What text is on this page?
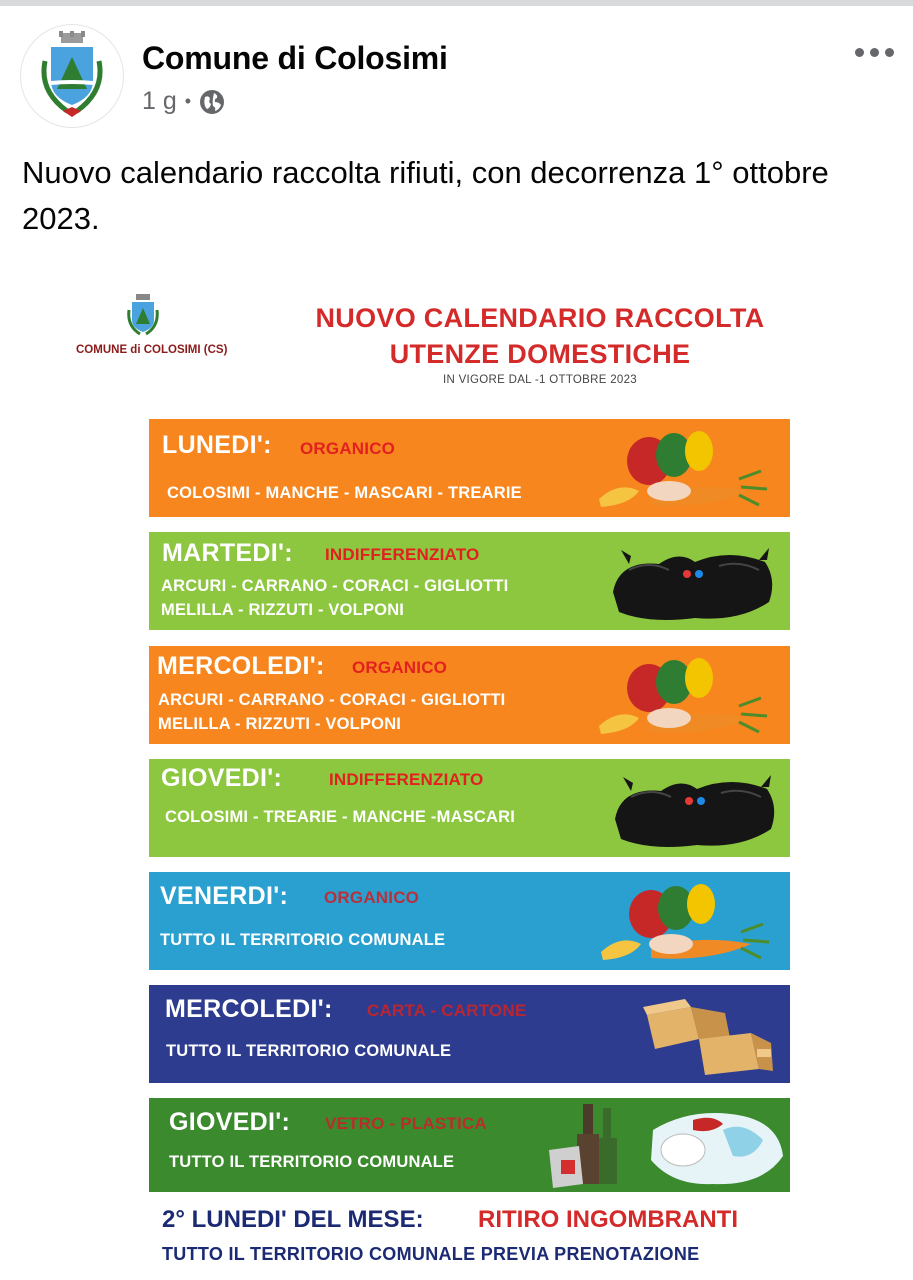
Comune di Colosimi
1 g •
Nuovo calendario raccolta rifiuti, con decorrenza 1° ottobre 2023.
COMUNE di COLOSIMI (CS)
NUOVO CALENDARIO RACCOLTA
UTENZE DOMESTICHE
IN VIGORE DAL -1 OTTOBRE 2023
LUNEDI': ORGANICO
COLOSIMI - MANCHE - MASCARI - TREARIE
MARTEDI': INDIFFERENZIATO
ARCURI - CARRANO - CORACI - GIGLIOTTI
MELILLA - RIZZUTI - VOLPONI
MERCOLEDI': ORGANICO
ARCURI - CARRANO - CORACI - GIGLIOTTI
MELILLA - RIZZUTI - VOLPONI
GIOVEDI':	INDIFFERENZIATO
COLOSIMI - TREARIE - MANCHE -MASCARI
VENERDI': ORGANICO
TUTTO IL TERRITORIO COMUNALE
MERCOLEDI': CARTA - CARTONE
TUTTO IL TERRITORIO COMUNALE
GIOVEDI': VETRO - PLASTICA
TUTTO IL TERRITORIO COMUNALE
2° LUNEDI' DEL MESE: RITIRO INGOMBRANTI
TUTTO IL TERRITORIO COMUNALE PREVIA PRENOTAZIONE
